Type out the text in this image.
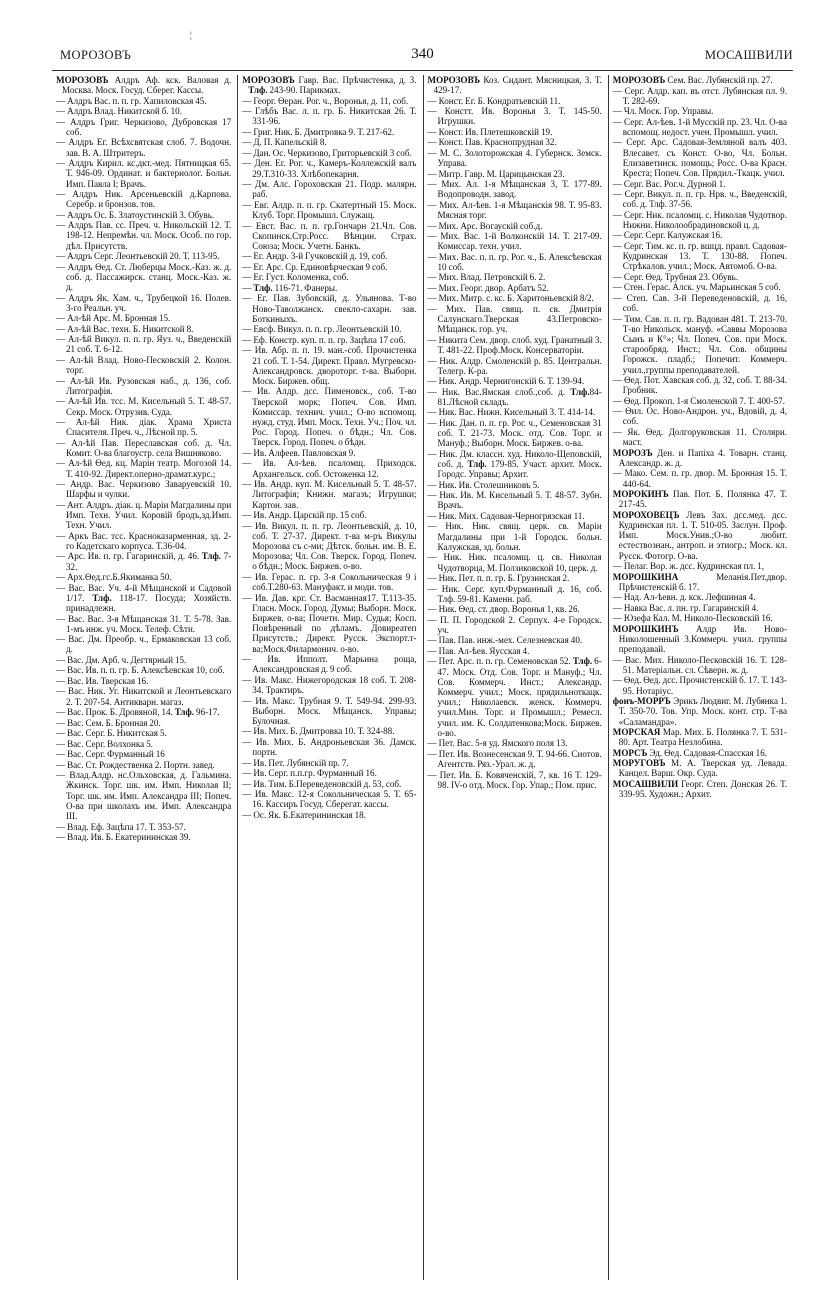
¦
МОРОЗОВЪ	340	МОСАШВИЛИ

МОРОЗОВЪ Алдръ Аф. кск. Валовая д. Моcква. Моск. Госуд. Сберег. Кассы.

— Алдръ Вас. п. п. гр. Хапиловская 45.

— Алдръ Влад. Никитской б. 10.

— Алдръ Григ. Черкизово, Дубровская 17 соб.

— Алдръ Ег. Всѣхсвятская слоб. 7. Водочн. зав. В. А. Штритеръ.

— Алдръ Кирил. кс.дкт.-мед. Пятницкая 65. Т. 946-09. Ординат. и бактериолог. Больн. Имп. Павла I; Врачъ.

— Алдръ Ник. Арсеньевскій д.Карпова. Серебр. и бронзов. тов.

— Алдръ Ос. Б. Златоустинскій 3. Обувь.

— Алдръ Пав. сс. Преч. ч. Никольскій 12. Т. 198-12. Непремѣн. чл. Моск. Особ. по гор. дѣл. Присутств.

— Алдръ Серг. Леонтьевскій 20. Т. 113-95.

— Алдръ Ѳед. Ст. Люберцы Моск.-Каз. ж. д. соб. д. Пассажирск. станц. Моск.-Каз. ж. д.

— Алдръ Як. Хам. ч., Трубецкой 16. Полев. 3-го Реальн. уч.

— Ал-ѣй Арс. М. Бронная 15.

— Ал-ѣй Вас. техн. Б. Никитской 8.

— Ал-ѣй Викул. п. п. гр. Яуз. ч., Введенскій 21 соб. Т. 6-12.

— Ал-ѣй Влад. Ново-Песковскій 2. Колон. торг.

— Ал-ѣй Ив. Рузовская наб., д. 136, соб. Литографія.

— Ал-ѣй Ив. тсс. М. Кисельный 5. Т. 48-57. Секр. Моск. Отрузив. Суда.

— Ал-ѣй Ник. діак. Храма Христа Спасителя. Преч. ч., Лѣсной пр. 5.

— Ал-ѣй Пав. Переславская соб. д. Чл. Комит. О-ва благоустр. села Вишняково.

— Ал-ѣй Ѳед. кц. Марін театр. Могозой 14. Т. 410-92. Директ.оперно-драмат.курс.;

— Андр. Вас. Черкизово Заваруевскій 10. Шарфы и чулки.

— Ант. Алдръ. діак. ц. Маріи Магдалины при Имп. Техн. Учил. Коровій бродъ,зд.Имп. Техн. Учил.

— Аркъ Вас. тсс. Красноказарменная, зд. 2-го Кадетскаго корпуса. Т.36-04.

— Арс. Ив. п. гр. Гагаринскій, д. 46. Тлф. 7-32.

— Арх.Ѳед.гс.Б.Якиманка 50.

— Вас. Вас. Уч. 4-й Мѣщанской и Садовой 1/17. Тлф. 118-17. Посуда; Хозяйств. принадлежн.

— Вас. Вас. 3-я Мѣщанская 31. Т. 5-78. Зав. 1-мъ инж. уч. Моск. Телеф. Сѣти.

— Вас. Дм. Преобр. ч., Ермаковская 13 соб. д.

— Вас. Дм. Арб. ч. Дегтярный 15.

— Вас. Ив. п. п. гр. Б. Алексѣевская 10, соб.

— Вас. Ив. Тверская 16.

— Вас. Ник. Уг. Никитской и Леонтьевскаго 2. Т. 207-54. Антикварн. магаз.

— Вас. Прок. Б. Дровяной, 14. Тлф. 96-17.

— Вас. Сем. Б. Бронная 20.

— Вас. Серг. Б. Никитская 5.

— Вас. Серг. Волхонка 5.

— Вас. Серг. Фурманный 16

— Вас. Ст. Рождественка 2. Портн. завед.

— Влад.Алдр. нс.Ольховская, д. Гальмина. Жкинск. Торг. шк. им. Имп. Николая II; Торг. шк. им. Имп. Александра III; Попеч. О-ва при школахъ им. Имп. Александра III.

— Влад. Еф. Зацѣпа 17. Т. 353-57.

— Влад. Ив. Б. Екатерининская 39.

МОРОЗОВЪ Гавр. Вас. Прѣчистенка, д. 3. Тлф. 243-90. Парикмах.

— Георг. Ѳеран. Рог. ч., Воронья, д. 11, соб.

— Глѣбъ Вас. л. п. гр. Б. Никитская 26. Т. 331-96.

— Григ. Ник. Б. Дмитровка 9. Т. 217-62.

— Д. П. Капельскій 8.

— Дан. Ос. Черкизово, Гриторьевскій 3 соб.

— Ден. Ег. Рог. ч., Камеръ-Коллежскій валъ 29.Т.310-33. Хлѣбопекарня.

— Дм. Алс. Гороховская 21. Подр. малярн. раб.

— Евг. Алдр. п. п. гр. Скатертный 15. Моск. Клуб. Торг. Промышл. Служащ.

— Евст. Вас. п. п. гр.Гончарн 21.Чл. Сов. Скопинск.Стр.Росс. Вѣнцин. Страх. Союза; Моск. Учетн. Банкъ.

— Ег. Андр. 3-й Гучковскій д. 19, соб.

— Ег. Арс. Ср. Единовѣрческая 9 соб.

— Ег. Густ. Коломенка, соб.

— Тлф. 116-71. Фанеры.

— Ег. Пав. Зубовскій, д. Ульянова. Т-во Ново-Таволжанск. свекло-сахарн. зав. Боткиныхъ.

— Евсф. Викул. п. п. гр. Леонтьевскій 10.

— Еф. Констр. куп. п. п. гр. Зацѣпа 17 соб.

— Ив. Абр. п. п. 19. ман.-соб. Прочистенка 21 соб. Т. 1-54. Директ. Правл. Мугревско-Александровск. двороторг. т-ва. Выборн. Моск. Биржев. общ.

— Ив. Алдр. дсс. Пименовск., соб. Т-во Тверской морк; Попеч. Сов. Имп. Комиссар. технич. учил.; О-во вспомощ. нужд. студ. Имп. Моск. Техн. Уч.; Поч. чл. Рос. Город. Попеч. о бѣдн.; Чл. Сов. Тверск. Город. Попеч. о бѣдн.

— Ив. Алфеев. Павловская 9.

— Ив. Ал-ѣев. псаломщ. Приходск. Архангельск. соб. Остоженка 12.

— Ив. Андр. куп. М. Кисельный 5. Т. 48-57. Литографія; Книжн. магазъ; Игрушки; Картон. зав.

— Ив. Андр. Царскій пр. 15 соб.

— Ив. Викул. п. п. гр. Леонтьевскій, д. 10, соб. Т. 27-37. Директ. т-ва м-ръ Викулы Морозова съ с-ми; Дѣтск. больн. им. В. Е. Морозова; Чл. Сов. Тверск. Город. Попеч. о бѣдн.; Моск. Биржев. о-во.

— Ив. Герас. п. гр. 3-я Сокольническая 9 і соб.Т.280-63. Мануфакт. и моди. тов.

— Ив. Дав. крг. Ст. Васманная17. Т.113-35. Гласн. Моск. Город. Думы; Выборн. Моск. Биржев. о-ва; Почетн. Мир. Судья; Косп. Повѣренный по дѣламъ. Довиреатеп Присутств.; Директ. Русск. Экспорт.т-ва;Моск.Филармонич. о-во.

— Ив. Ипполт. Марьина роща, Александровская д. 9 соб.

— Ив. Макс. Нижегородская 18 соб. Т. 208-34. Трактиръ.

— Ив. Макс. Трубная 9. Т. 549-94. 299-93. Выборн. Моск. Мѣщанск. Управы; Булочная.

— Ив. Мих. Б. Дмитровка 10. Т. 324-88.

— Ив. Мих. Б. Андроньевская 36. Дамск. портн.

— Ив. Пет. Лубянскій пр. 7.

— Ив. Серг. п.п.гр. Фурманный 16.

— Ив. Тим. Б.Переведеновскій д. 53, соб.

— Ив. Макс. 12-я Сокольническая 5. Т. 65-16. Кассиръ Госуд. Сберегат. кассы.

— Ос. Як. Б.Екатерининская 18.

МОРОЗОВЪ Коз. Сидант. Мясницкая, 3. Т. 429-17.

— Конст. Ег. Б. Кондратьевскій 11.

— Констт. Ив. Воронья 3. Т. 145-50. Игрушки.

— Конст. Ив. Плетешковскій 19.

— Конст. Пав. Краснопрудная 32.

— М. С. Золоторожская 4. Губернск. Земск. Управа.

— Митр. Гавр. М. Царицынская 23.

— Мих. Ал. 1-я Мѣщанская 3, Т. 177-89. Водопроводн. завод.

— Мих. Ал-ѣев. 1-я Мѣщанскія 98. Т. 95-83. Мясная торг.

— Мих. Арс. Вогаускій соб.д.

— Мих. Вас. 1-й Волконскій 14. Т. 217-09. Комиссар. техн. учил.

— Мих. Вас. п. п. гр. Рог. ч., Б. Алексѣевская 10 соб.

— Мих. Влад. Петровскій 6. 2.

— Мих. Георг. двор. Арбатъ 52.

— Мих. Митр. с. кс. Б. Харитоньевскій 8/2.

— Мих. Пав. свящ. п. св. Дмитрія Салунскаго.Тверская 43.Петровско-Мѣщанск. гор. уч.

— Никита Сем. двор. слоб. худ. Гранатный 3. Т. 481-22. Проф.Моск. Консерваторіи.

— Ник. Алдр. Смоленскій р. 85. Центральн. Телегр. К-ра.

— Ник. Андр. Чернигонскій 6. Т. 139-94.

— Ник. Вас.Ямская слоб.,соб. д. Тлф.84-81.Лѣсной складъ.

— Ник. Вас. Нижн. Кисельный 3. Т. 414-14.

— Ник. Дан. п. п. гр. Рог. ч., Семеновская 31 соб. Т. 21-73. Моск. отд. Сов. Торг. и Мануф.; Выборн. Моск. Биржев. о-ва.

— Ник. Дм. классн. худ. Николо-Щеповскій, соб. д. Тлф. 179-85. Участ. архит. Моск. Городс. Управы; Архит.

— Ник. Ив. Столешниковъ 5.

— Ник. Ив. М. Кисельный 5. Т. 48-57. Зубн. Врачъ.

— Ник. Мих. Садовая-Черногрязская 11.

— Ник. Ник. свящ. церк. св. Маріи Магдалины при 1-й Городск. больн. Калужская, зд. больн.

— Ник. Ник. псаломщ. ц. св. Николая Чудотворца, М. Ползиковской 10, церк. д.

— Ник. Пет. п. п. гр. Б. Грузинская 2.

— Ник. Серг. куп.Фурманный д. 16, соб. Тлф. 59-81. Каменн. раб.

— Ник. Ѳед. ст. двор. Воронья 1, кв. 26.

— П. П. Городской 2. Серпух. 4-е Городск. уч.

— Пав. Пав. инж.-мех. Селезневская 40.

— Пав. Ал-ѣев. Яусская 4.

— Пет. Арс. п. п. гр. Семеновская 52. Тлф. 6-47. Моск. Отд. Сов. Торг. и Мануф.; Чл. Сов. Коммерч. Инст.; Александр. Коммерч. учил.; Моск. прядильноткацк. учил.; Николаевск. женск. Коммерч. учил.Мин. Торг. и Промышл.; Ремесл. учил. им. К. Солдатенкова;Моск. Биржев. о-во.

— Пет. Вас. 5-я уд. Ямского поля 13.

— Пет. Ив. Вознесенская 9. Т. 94-66. Сиотов. Агентств. Ряз.-Урал. ж. д.

— Пет. Ив. Б. Ковяченскій, 7, кв. 16 Т. 129-98. IV-о отд. Моск. Гор. Упар.; Пом. прис.

МОРОЗОВЪ Сем. Вас. Лубянскій пр. 27.

— Серг. Алдр. кап. въ отст. Лубянская пл. 9. Т. 282-69.

— Чл. Моск. Гор. Управы.

— Серг. Ал-ѣев. 1-й Мусскій пр. 23. Чл. О-ва вспомощ. недост. учен. Промышл. учил.

— Серг. Арс. Садовая-Земляной валъ 403. Влесавет. съ Конст. О-во, Чл. Больн. Елизаветинск. помощь; Росс. О-ва Красн. Креста; Попеч. Сов. Прядил.-Ткацк. учил.

— Серг. Вас. Рог.ч. Дурной 1.

— Серг. Викул. п. п. гр. Нрв. ч., Введенскій, соб. д. Тлф. 37-56.

— Серг. Ник. псаломщ. с. Николая Чудотвор. Нижни. Николообрадиновской ц. д.

— Серг. Серг. Калужская 16.

— Серг. Тим. кс. п. гр. вшцд. правл. Садовая-Кудринская 13. Т. 130-88. Попеч. Стрѣкалов. учил.; Моск. Автомоб. О-ва.

— Серг. Ѳед. Трубная 23. Обувь.

— Стен. Герас. Алск. уч. Марьинская 5 соб.

— Степ. Сав. 3-й Переведеновскій, д. 16, соб.

— Тим. Сав. п. п. гр. Вадован 481. Т. 213-70. Т-во Никольск. мануф. «Саввы Морозова Сынъ и К°»; Чл. Попеч. Сов. при Моск. старообряд. Инст.; Чл. Сов. общины Горожск. пладб.; Попечит. Коммерч. учил.,группы преподавателей.

— Ѳед. Пот. Хавская соб. д. 32, соб. Т. 88-34. Гробник.

— Ѳед. Прокоп. 1-я Смоленской 7. Т. 400-57.

— Ѳил. Ос. Ново-Андрон. уч., Вдовій, д. 4, соб.

— Як. Ѳед. Долгоруковская 11. Столяри. маст.

МОРОЗЪ Ден. и Папіха 4. Товарн. станц. Александр. ж. д.

— Мако. Сем. п. гр. двор. М. Бронная 15. Т. 440-64.

МОРОКИНЪ Пав. Пот. Б. Полянка 47. Т. 217-45.

МОРОХОВЕЦЪ Левъ Зах. дсс.мед. дсс. Кудринская пл. 1. Т. 510-05. Заслун. Проф. Имп. Моск.Унив.;О-во любит. естествознан., антроп. и этиогр.; Моск. кл. Русск. Фотогр. О-ва.

— Пелаг. Вор. ж. дсс. Кудринская пл. 1,

МОРОШКИНА Меланія.Пет.двор. Прѣчистенскій б. 17.

— Над. Ал-ѣевн. д. кск. Лефшиная 4.

— Навка Вас. л. пн. гр. Гагаринскій 4.

— Юзефа Кал. М. Николо-Песковскій 16.

МОРОШКИНЪ Алдр Ив. Ново-Николошенный 3.Коммерч. учил. группы преподавай.

— Вас. Мих. Николо-Песковскій 16. Т. 128-51. Матеріальн. сл. Сѣверн. ж. д.

— Ѳед. Ѳед. дсс. Прочистенскій б. 17. Т. 143-95. Нотаріус.

фонъ-МОРРЪ Эрикъ Людвиг. М. Лубянка 1. Т. 350-70. Тов. Упр. Моск. конт. стр. Т-ва «Саламандра».

МОРСКАЯ Мар. Мих. Б. Полянка 7. Т. 531-80. Арт. Театра Незлобина.

МОРСЪ Эд. Ѳед. Садовая-Спасская 16.

МОРУГОВЪ М. А. Тверская уд. Левада. Канцел. Варш. Окр. Суда.

МОСАШВИЛИ Георг. Степ. Донская 26. Т. 339-95. Художн.; Архит.
